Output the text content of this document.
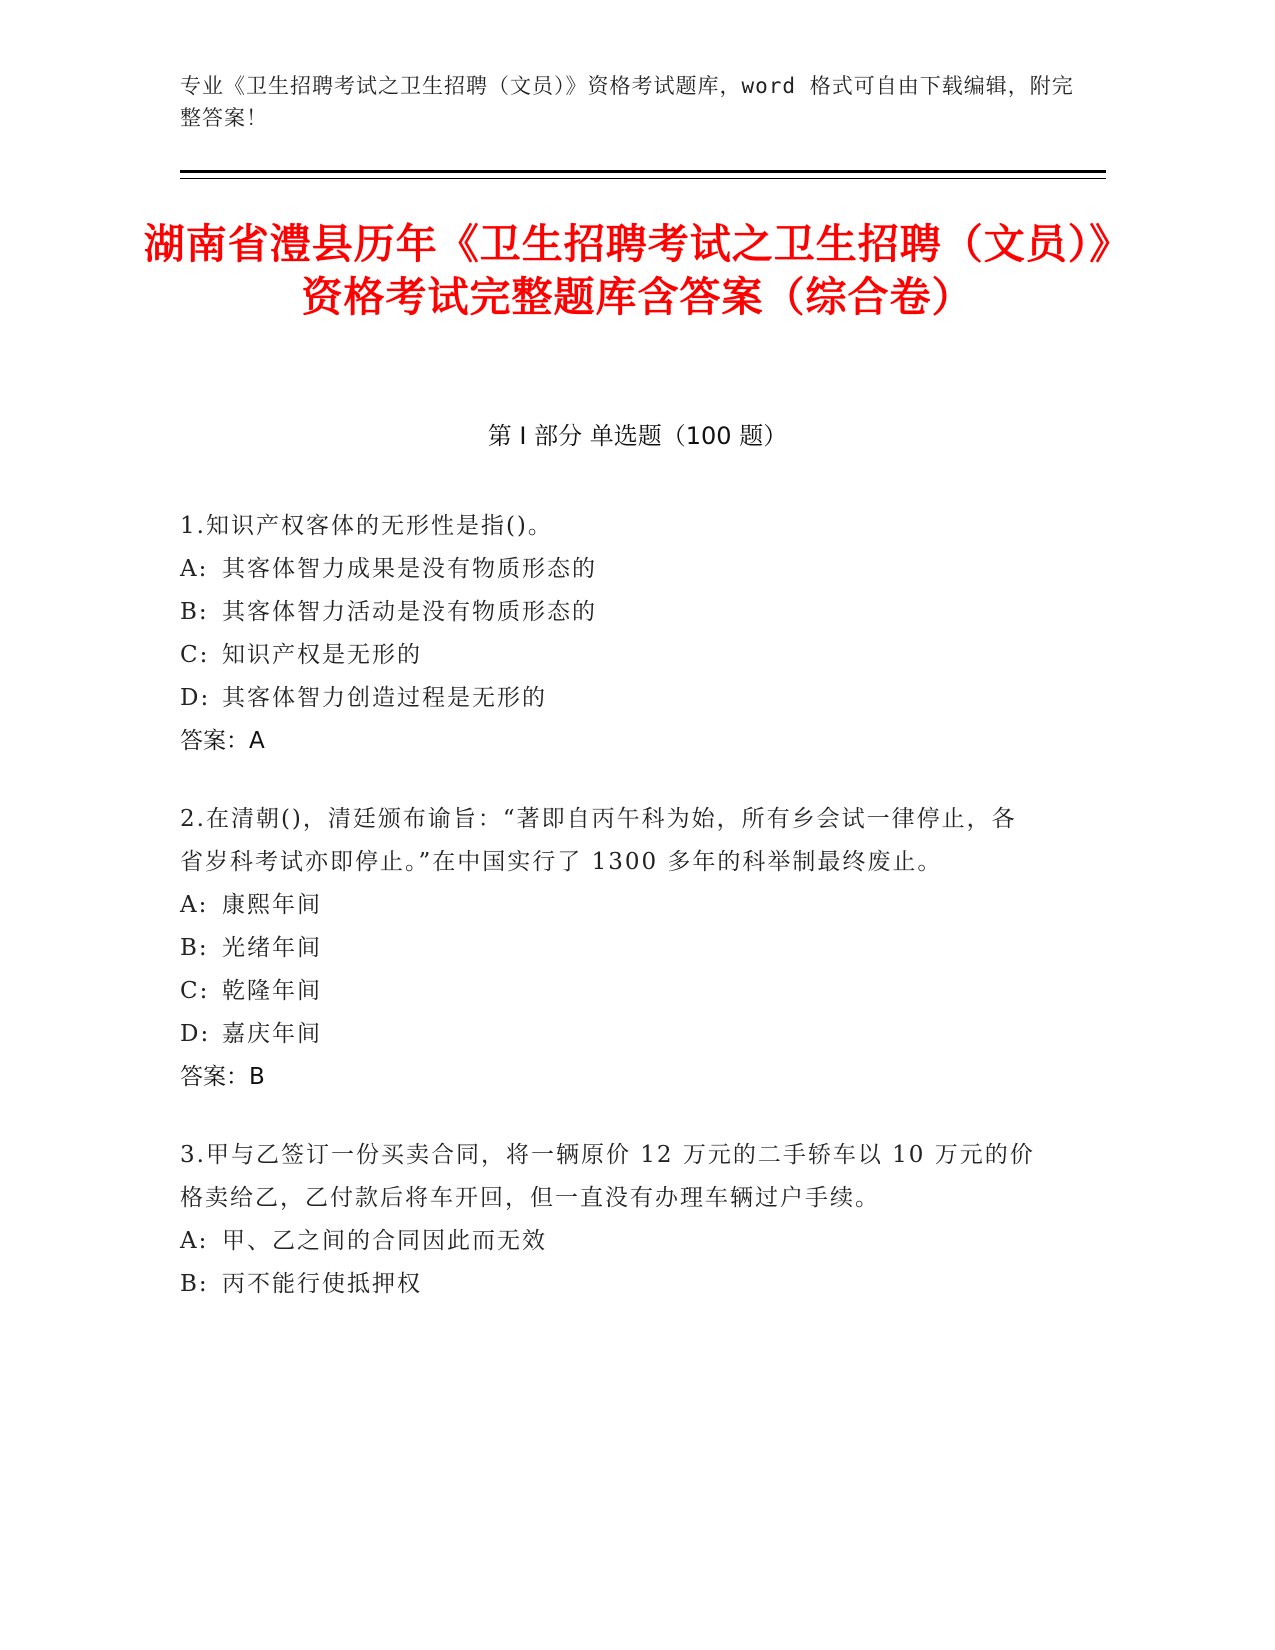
专业《卫生招聘考试之卫生招聘（文员）》资格考试题库，word 格式可自由下载编辑，附完整答案！
湖南省澧县历年《卫生招聘考试之卫生招聘（文员）》资格考试完整题库含答案（综合卷）
第 I 部分 单选题（100 题）
1.知识产权客体的无形性是指()。
A: 其客体智力成果是没有物质形态的
B: 其客体智力活动是没有物质形态的
C: 知识产权是无形的
D: 其客体智力创造过程是无形的
答案：A
2.在清朝()，清廷颁布谕旨：“著即自丙午科为始，所有乡会试一律停止，各省岁科考试亦即停止。”在中国实行了 1300 多年的科举制最终废止。
A: 康熙年间
B: 光绪年间
C: 乾隆年间
D: 嘉庆年间
答案：B
3.甲与乙签订一份买卖合同，将一辆原价 12 万元的二手轿车以 10 万元的价格卖给乙，乙付款后将车开回，但一直没有办理车辆过户手续。
A: 甲、乙之间的合同因此而无效
B: 丙不能行使抵押权
